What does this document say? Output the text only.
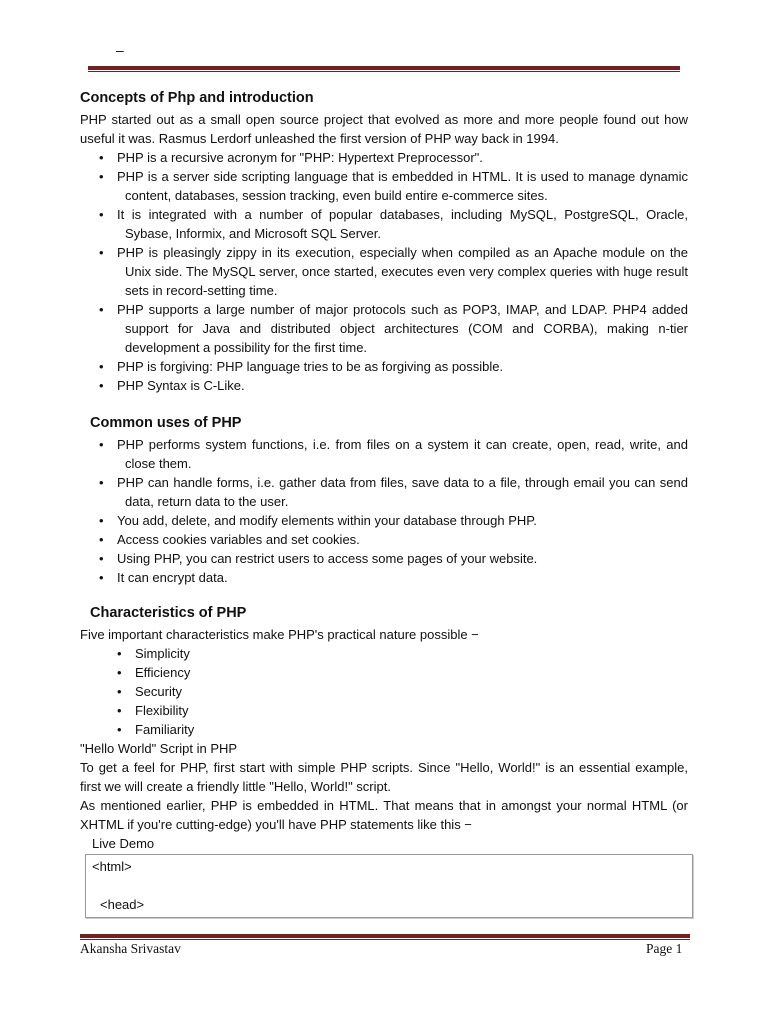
–
Concepts of Php and introduction

PHP started out as a small open source project that evolved as more and more people found out how useful it was. Rasmus Lerdorf unleashed the first version of PHP way back in 1994.

• PHP is a recursive acronym for "PHP: Hypertext Preprocessor".
• PHP is a server side scripting language that is embedded in HTML. It is used to manage dynamic content, databases, session tracking, even build entire e-commerce sites.
• It is integrated with a number of popular databases, including MySQL, PostgreSQL, Oracle, Sybase, Informix, and Microsoft SQL Server.
• PHP is pleasingly zippy in its execution, especially when compiled as an Apache module on the Unix side. The MySQL server, once started, executes even very complex queries with huge result sets in record-setting time.
• PHP supports a large number of major protocols such as POP3, IMAP, and LDAP. PHP4 added support for Java and distributed object architectures (COM and CORBA), making n-tier development a possibility for the first time.
• PHP is forgiving: PHP language tries to be as forgiving as possible.
• PHP Syntax is C-Like.
Common uses of PHP
• PHP performs system functions, i.e. from files on a system it can create, open, read, write, and close them.
• PHP can handle forms, i.e. gather data from files, save data to a file, through email you can send data, return data to the user.
• You add, delete, and modify elements within your database through PHP.
• Access cookies variables and set cookies.
• Using PHP, you can restrict users to access some pages of your website.
• It can encrypt data.
Characteristics of PHP

Five important characteristics make PHP's practical nature possible −

• Simplicity
• Efficiency
• Security
• Flexibility
• Familiarity

"Hello World" Script in PHP

To get a feel for PHP, first start with simple PHP scripts. Since "Hello, World!" is an essential example, first we will create a friendly little "Hello, World!" script.

As mentioned earlier, PHP is embedded in HTML. That means that in amongst your normal HTML (or XHTML if you're cutting-edge) you'll have PHP statements like this −

Live Demo

<html>
<head>
Akansha Srivastav	Page 1
